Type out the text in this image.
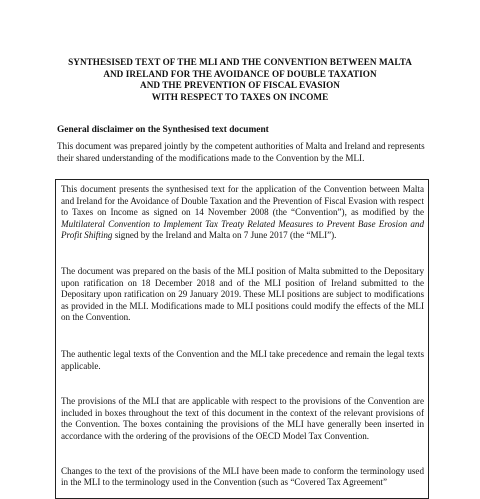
SYNTHESISED TEXT OF THE MLI AND THE CONVENTION BETWEEN MALTA
AND IRELAND FOR THE AVOIDANCE OF DOUBLE TAXATION
AND THE PREVENTION OF FISCAL EVASION
WITH RESPECT TO TAXES ON INCOME
General disclaimer on the Synthesised text document
This document was prepared jointly by the competent authorities of Malta and Ireland and represents their shared understanding of the modifications made to the Convention by the MLI.

This document presents the synthesised text for the application of the Convention between Malta and Ireland for the Avoidance of Double Taxation and the Prevention of Fiscal Evasion with respect to Taxes on Income as signed on 14 November 2008 (the “Convention”), as modified by the Multilateral Convention to Implement Tax Treaty Related Measures to Prevent Base Erosion and Profit Shifting signed by the Ireland and Malta on 7 June 2017 (the “MLI”).

The document was prepared on the basis of the MLI position of Malta submitted to the Depositary upon ratification on 18 December 2018 and of the MLI position of Ireland submitted to the Depositary upon ratification on 29 January 2019. These MLI positions are subject to modifications as provided in the MLI. Modifications made to MLI positions could modify the effects of the MLI on the Convention.

The authentic legal texts of the Convention and the MLI take precedence and remain the legal texts applicable.

The provisions of the MLI that are applicable with respect to the provisions of the Convention are included in boxes throughout the text of this document in the context of the relevant provisions of the Convention. The boxes containing the provisions of the MLI have generally been inserted in accordance with the ordering of the provisions of the OECD Model Tax Convention.

Changes to the text of the provisions of the MLI have been made to conform the terminology used in the MLI to the terminology used in the Convention (such as “Covered Tax Agreement”
